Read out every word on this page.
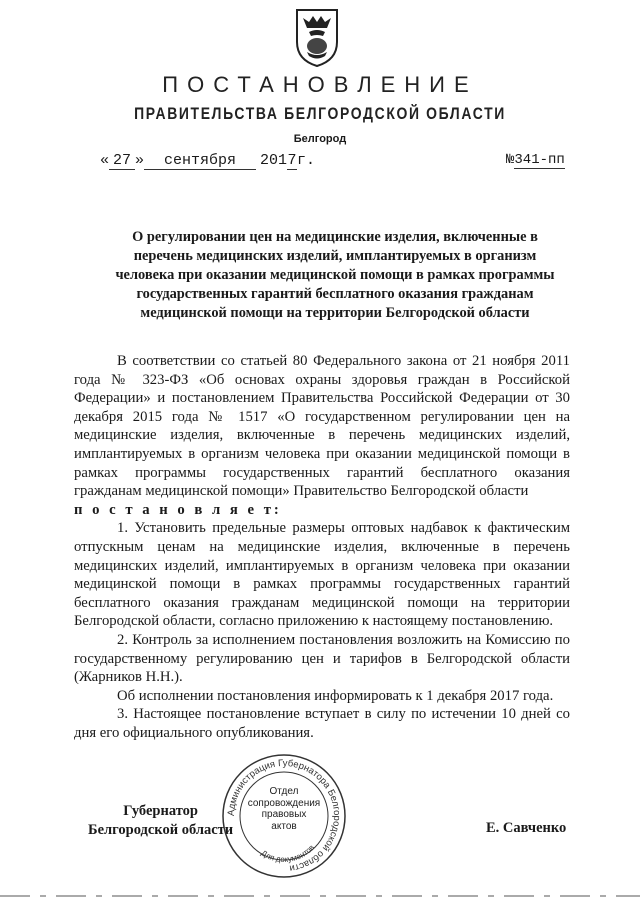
ПОСТАНОВЛЕНИЕ
ПРАВИТЕЛЬСТВА БЕЛГОРОДСКОЙ ОБЛАСТИ
Белгород
« 27 » сентября 2017г.	№341-пп
О регулировании цен на медицинские изделия, включенные в
перечень медицинских изделий, имплантируемых в организм
человека при оказании медицинской помощи в рамках программы
государственных гарантий бесплатного оказания гражданам
медицинской помощи на территории Белгородской области

В соответствии со статьей 80 Федерального закона от 21 ноября 2011 года № 323-ФЗ «Об основах охраны здоровья граждан в Российской Федерации» и постановлением Правительства Российской Федерации от 30 декабря 2015 года № 1517 «О государственном регулировании цен на медицинские изделия, включенные в перечень медицинских изделий, имплантируемых в организм человека при оказании медицинской помощи в рамках программы государственных гарантий бесплатного оказания гражданам медицинской помощи» Правительство Белгородской области

п о с т а н о в л я е т:

1. Установить предельные размеры оптовых надбавок к фактическим отпускным ценам на медицинские изделия, включенные в перечень медицинских изделий, имплантируемых в организм человека при оказании медицинской помощи в рамках программы государственных гарантий бесплатного оказания гражданам медицинской помощи на территории Белгородской области, согласно приложению к настоящему постановлению.

2. Контроль за исполнением постановления возложить на Комиссию по государственному регулированию цен и тарифов в Белгородской области (Жарников Н.Н.).

Об исполнении постановления информировать к 1 декабря 2017 года.

3. Настоящее постановление вступает в силу по истечении 10 дней со дня его официального опубликования.

Губернатор
Белгородской области	Е. Савченко
Администрация Губернатора Белгородской области
Для документов
Отдел
сопровождения
правовых
актов
